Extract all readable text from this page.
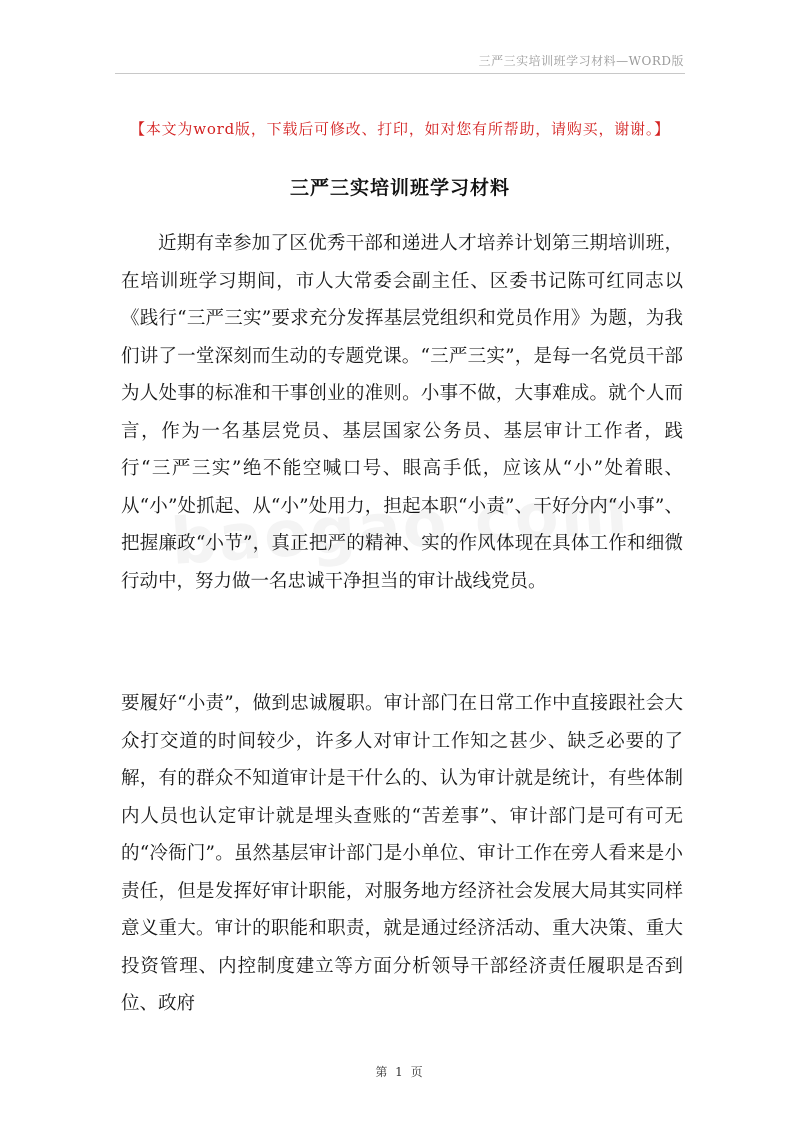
三严三实培训班学习材料—WORD版
【本文为word版，下载后可修改、打印，如对您有所帮助，请购买，谢谢。】
三严三实培训班学习材料

近期有幸参加了区优秀干部和递进人才培养计划第三期培训班，在培训班学习期间，市人大常委会副主任、区委书记陈可红同志以《践行“三严三实”要求充分发挥基层党组织和党员作用》为题，为我们讲了一堂深刻而生动的专题党课。“三严三实”，是每一名党员干部为人处事的标准和干事创业的准则。小事不做，大事难成。就个人而言，作为一名基层党员、基层国家公务员、基层审计工作者，践行“三严三实”绝不能空喊口号、眼高手低，应该从“小”处着眼、从“小”处抓起、从“小”处用力，担起本职“小责”、干好分内“小事”、把握廉政“小节”，真正把严的精神、实的作风体现在具体工作和细微行动中，努力做一名忠诚干净担当的审计战线党员。

要履好“小责”，做到忠诚履职。审计部门在日常工作中直接跟社会大众打交道的时间较少，许多人对审计工作知之甚少、缺乏必要的了解，有的群众不知道审计是干什么的、认为审计就是统计，有些体制内人员也认定审计就是埋头查账的“苦差事”、审计部门是可有可无的“冷衙门”。虽然基层审计部门是小单位、审计工作在旁人看来是小责任，但是发挥好审计职能，对服务地方经济社会发展大局其实同样意义重大。审计的职能和职责，就是通过经济活动、重大决策、重大投资管理、内控制度建立等方面分析领导干部经济责任履职是否到位、政府

第 1 页
